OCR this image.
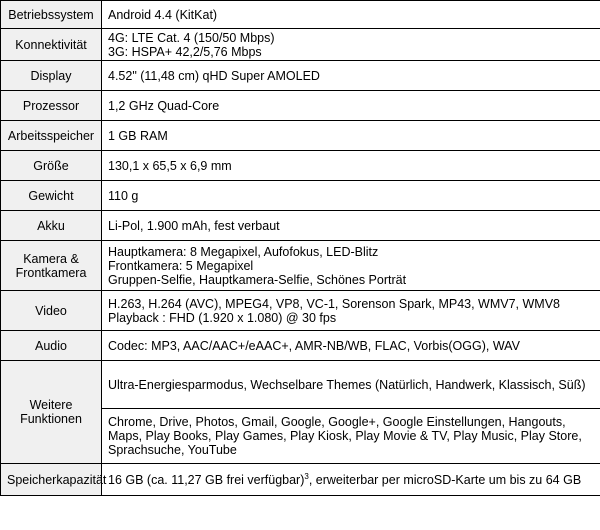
Betriebssystem	Android 4.4 (KitKat)

Konnektivität	4G: LTE Cat. 4 (150/50 Mbps)
3G: HSPA+ 42,2/5,76 Mbps

Display	4.52" (11,48 cm) qHD Super AMOLED

Prozessor	1,2 GHz Quad-Core

Arbeitsspeicher	1 GB RAM

Größe	130,1 x 65,5 x 6,9 mm

Gewicht	110 g

Akku	Li-Pol, 1.900 mAh, fest verbaut

Kamera &
Frontkamera	Hauptkamera: 8 Megapixel, Aufofokus, LED-Blitz
Frontkamera: 5 Megapixel
Gruppen-Selfie, Hauptkamera-Selfie, Schönes Porträt

Video	H.263, H.264 (AVC), MPEG4, VP8, VC-1, Sorenson Spark, MP43, WMV7, WMV8
Playback : FHD (1.920 x 1.080) @ 30 fps

Audio	Codec: MP3, AAC/AAC+/eAAC+, AMR-NB/WB, FLAC, Vorbis(OGG), WAV

Weitere
Funktionen	Ultra-Energiesparmodus, Wechselbare Themes (Natürlich, Handwerk, Klassisch, Süß)

	Chrome, Drive, Photos, Gmail, Google, Google+, Google Einstellungen, Hangouts, Maps, Play Books, Play Games, Play Kiosk, Play Movie & TV, Play Music, Play Store, Sprachsuche, YouTube

Speicherkapazität	16 GB (ca. 11,27 GB frei verfügbar)$^3$, erweiterbar per microSD-Karte um bis zu 64 GB
